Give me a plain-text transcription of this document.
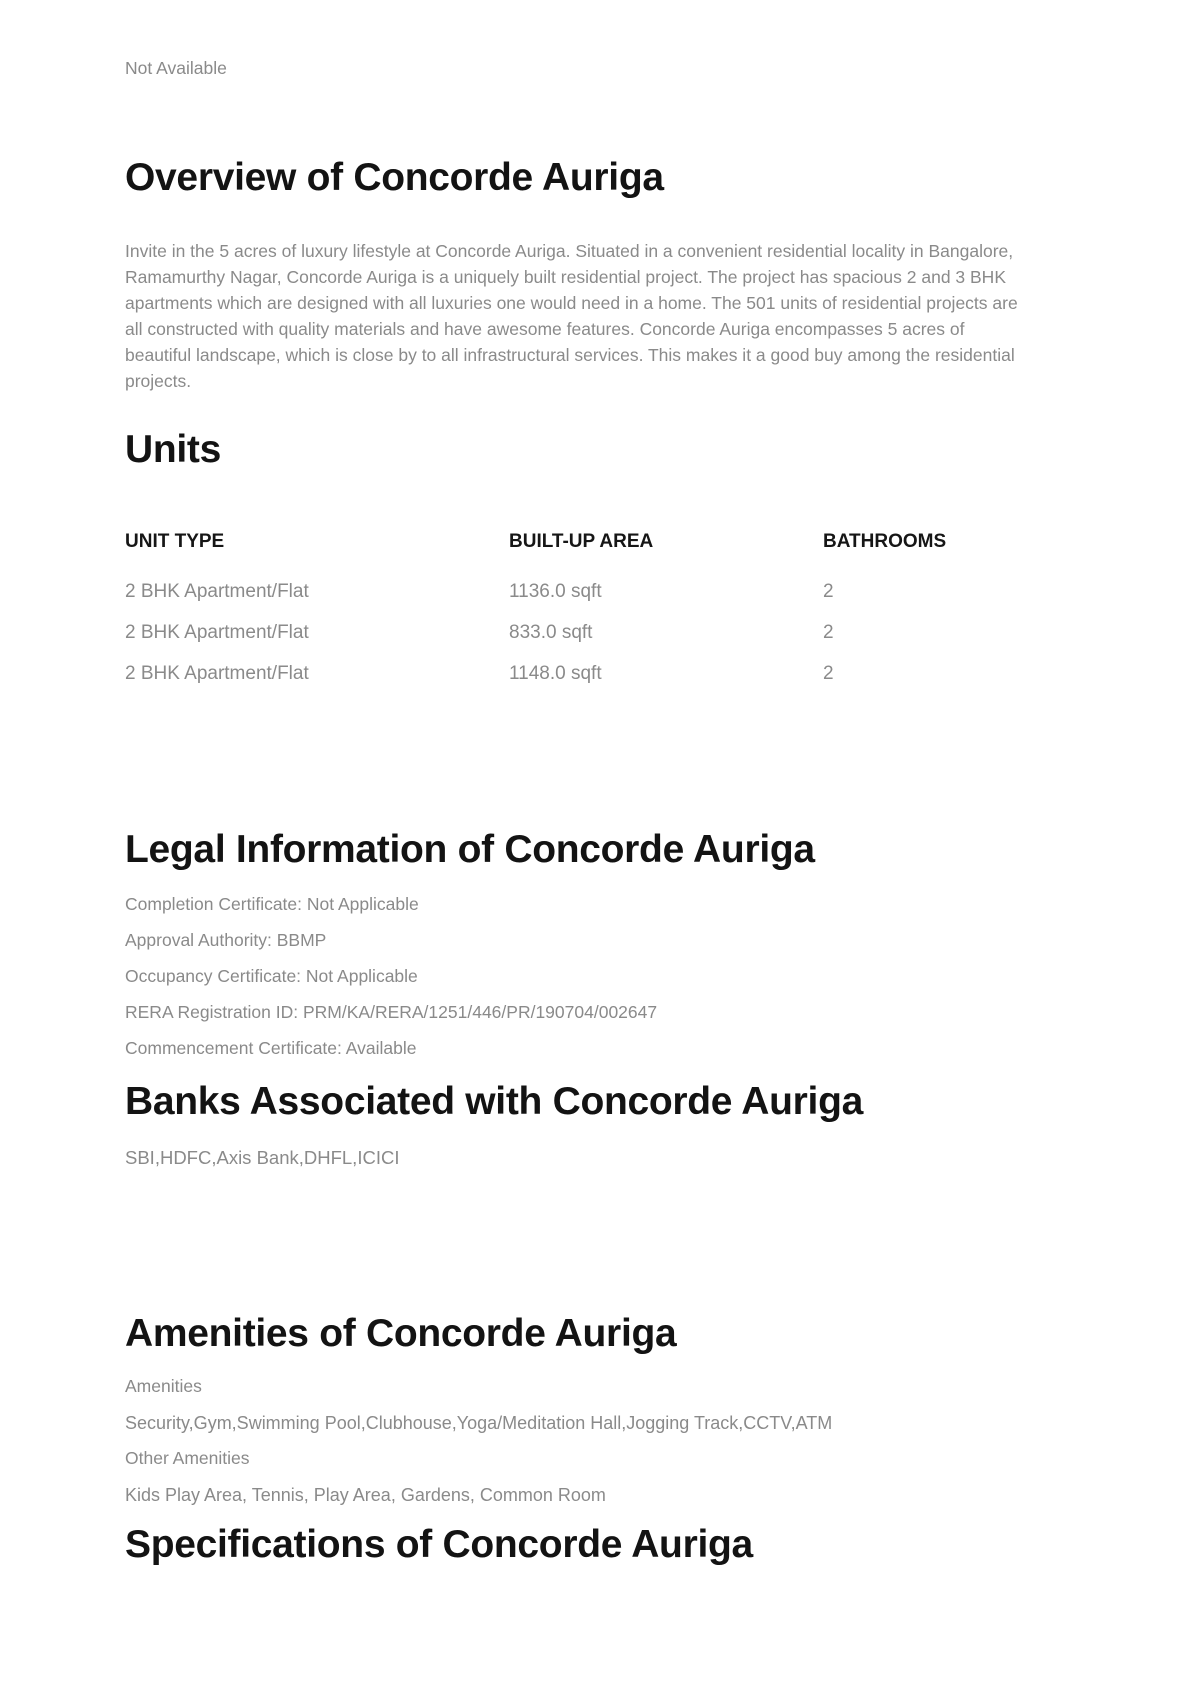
Not Available
Overview of Concorde Auriga

Invite in the 5 acres of luxury lifestyle at Concorde Auriga. Situated in a convenient residential locality in Bangalore, Ramamurthy Nagar, Concorde Auriga is a uniquely built residential project. The project has spacious 2 and 3 BHK apartments which are designed with all luxuries one would need in a home. The 501 units of residential projects are all constructed with quality materials and have awesome features. Concorde Auriga encompasses 5 acres of beautiful landscape, which is close by to all infrastructural services. This makes it a good buy among the residential projects.

Units
UNIT TYPE	BUILT-UP AREA	BATHROOMS
2 BHK Apartment/Flat	1136.0 sqft	2
2 BHK Apartment/Flat	833.0 sqft	2
2 BHK Apartment/Flat	1148.0 sqft	2
Legal Information of Concorde Auriga
Completion Certificate: Not Applicable
Approval Authority: BBMP
Occupancy Certificate: Not Applicable
RERA Registration ID: PRM/KA/RERA/1251/446/PR/190704/002647
Commencement Certificate: Available
Banks Associated with Concorde Auriga
SBI,HDFC,Axis Bank,DHFL,ICICI
Amenities of Concorde Auriga
Amenities
Security,Gym,Swimming Pool,Clubhouse,Yoga/Meditation Hall,Jogging Track,CCTV,ATM
Other Amenities
Kids Play Area, Tennis, Play Area, Gardens, Common Room
Specifications of Concorde Auriga
